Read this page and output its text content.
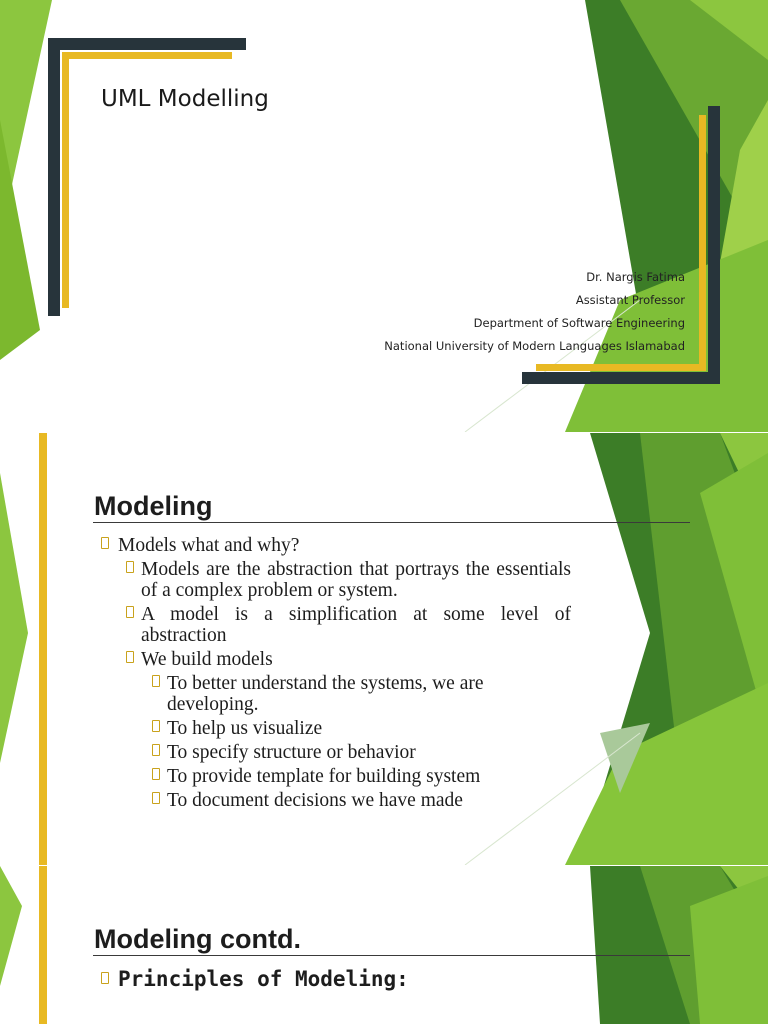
UML Modelling
Dr. Nargis Fatima
Assistant Professor
Department of Software Engineering
National University of Modern Languages Islamabad
Modeling
Models what and why?
Models are the abstraction that portrays the essentials of a complex problem or system.
A model is a simplification at some level of abstraction
We build models
To better understand the systems, we are developing.
To help us visualize
To specify structure or behavior
To provide template for building system
To document decisions we have made
Modeling contd.
Principles of Modeling:
